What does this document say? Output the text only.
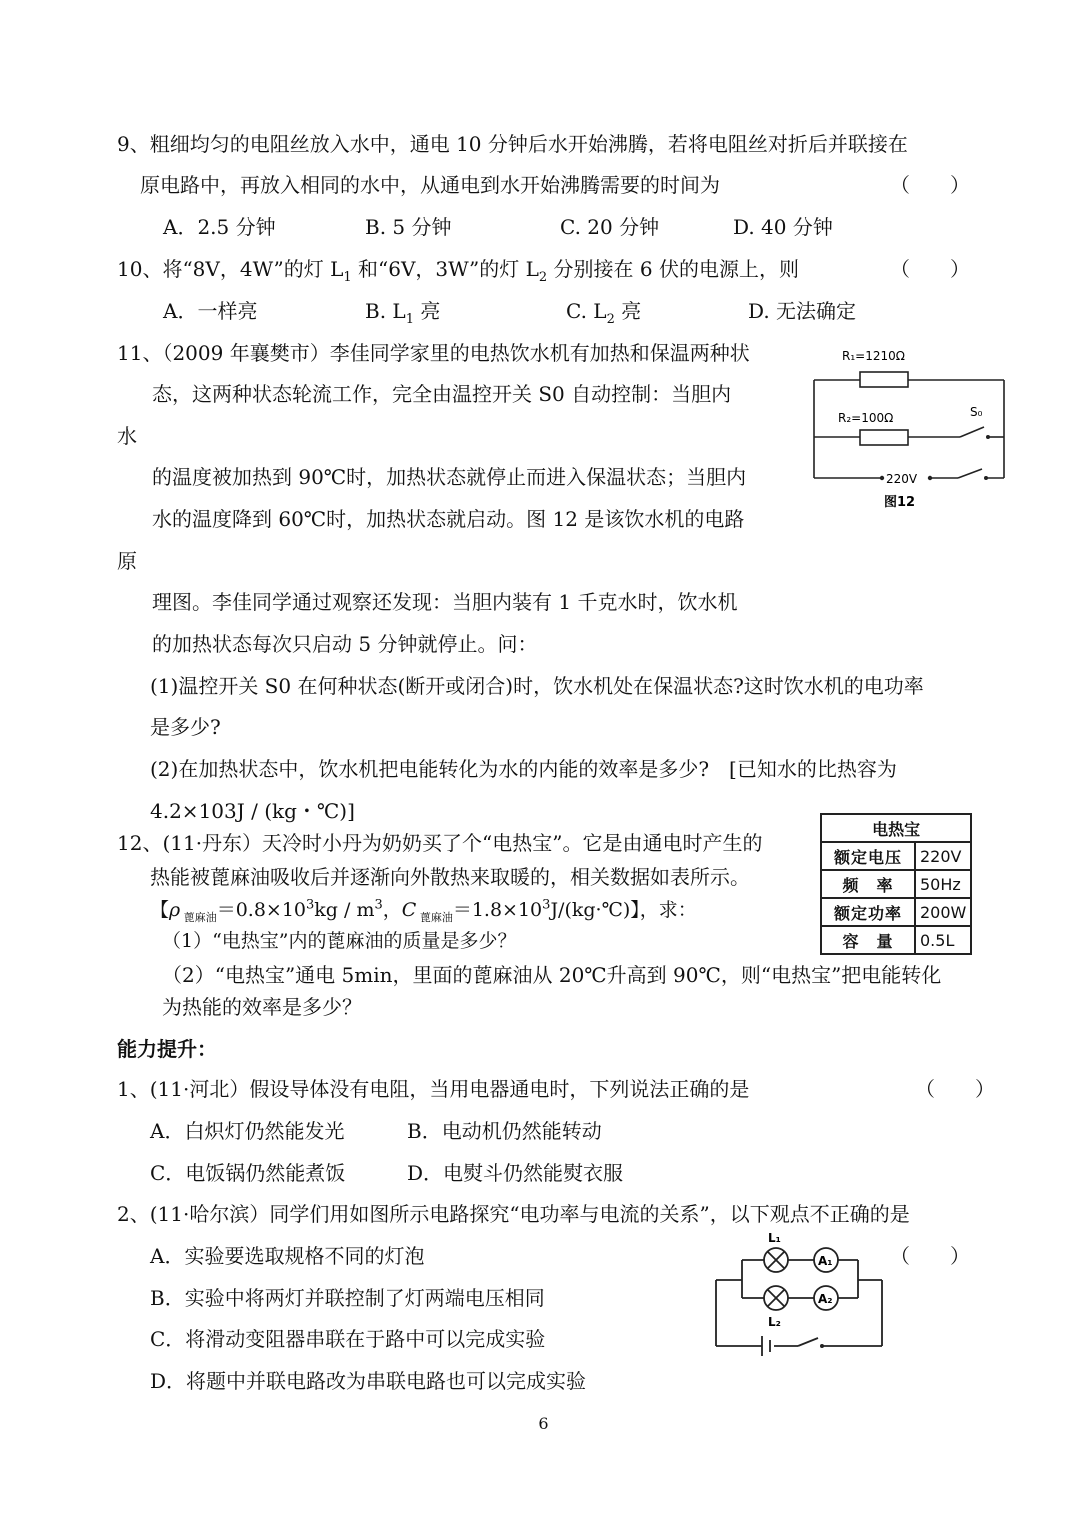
9、粗细均匀的电阻丝放入水中，通电 10 分钟后水开始沸腾，若将电阻丝对折后并联接在
原电路中，再放入相同的水中，从通电到水开始沸腾需要的时间为	（　　）
A．2.5 分钟	B. 5 分钟	C. 20 分钟	D. 40 分钟
10、将“8V，4W”的灯 $L_1$ 和“6V，3W”的灯 $L_2$ 分别接在 6 伏的电源上，则	（　　）
A．一样亮	B. $L_1$ 亮	C. $L_2$ 亮	D. 无法确定
11、（2009 年襄樊市）李佳同学家里的电热饮水机有加热和保温两种状
态，这两种状态轮流工作，完全由温控开关 S0 自动控制：当胆内
水
的温度被加热到 90℃时，加热状态就停止而进入保温状态；当胆内
水的温度降到 60℃时，加热状态就启动。图 12 是该饮水机的电路
原
理图。李佳同学通过观察还发现：当胆内装有 1 千克水时，饮水机
的加热状态每次只启动 5 分钟就停止。问：
(1)温控开关 S0 在何种状态(断开或闭合)时，饮水机处在保温状态?这时饮水机的电功率
是多少?
(2)在加热状态中，饮水机把电能转化为水的内能的效率是多少?　[已知水的比热容为
4.2×103J / (kg・℃)]
R₁=1210Ω
R₂=100Ω	S₀
220V
图12
12、(11·丹东）天冷时小丹为奶奶买了个“电热宝”。它是由通电时产生的
热能被蓖麻油吸收后并逐渐向外散热来取暖的，相关数据如表所示。
【ρ $_{蓖麻油}=0.8\times 10^3kg / m^3$，C $_{蓖麻油}=1.8\times 10^3J/(kg\cdot℃)$】，求：
（1）“电热宝”内的蓖麻油的质量是多少？
（2）“电热宝”通电 5min，里面的蓖麻油从 20℃升高到 90℃，则“电热宝”把电能转化
为热能的效率是多少？
电热宝	
额定电压	220V
频　率	50Hz
额定功率	200W
容　量	0.5L
能力提升：
1、(11·河北）假设导体没有电阻，当用电器通电时，下列说法正确的是	（　　）
A．白炽灯仍然能发光	B．电动机仍然能转动
C．电饭锅仍然能煮饭	D．电熨斗仍然能熨衣服
2、(11·哈尔滨）同学们用如图所示电路探究“电功率与电流的关系”，以下观点不正确的是
A．实验要选取规格不同的灯泡	（　　）
B．实验中将两灯并联控制了灯两端电压相同
C．将滑动变阻器串联在于路中可以完成实验
D．将题中并联电路改为串联电路也可以完成实验
L₁
L₂
A₁
A₂
6
